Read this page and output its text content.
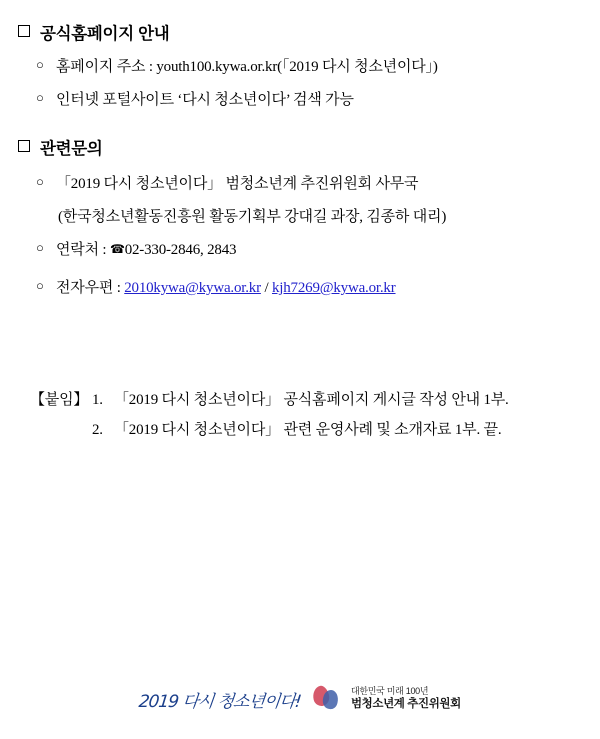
공식홈페이지 안내
○ 홈페이지 주소 : youth100.kywa.or.kr(「2019 다시 청소년이다」)
○ 인터넷 포털사이트 ‘다시 청소년이다’ 검색 가능
관련문의
○ 「2019 다시 청소년이다」 범청소년계 추진위원회 사무국
(한국청소년활동진흥원 활동기획부 강대길 과장, 김종하 대리)
○ 연락처 : ☎02-330-2846, 2843
○ 전자우편 : 2010kywa@kywa.or.kr / kjh7269@kywa.or.kr
【붙임】 1. 「2019 다시 청소년이다」 공식홈페이지 게시글 작성 안내 1부.
2. 「2019 다시 청소년이다」 관련 운영사례 및 소개자료 1부. 끝.
2019 다시 청소년이다!
대한민국 미래 100년
범청소년계 추진위원회
